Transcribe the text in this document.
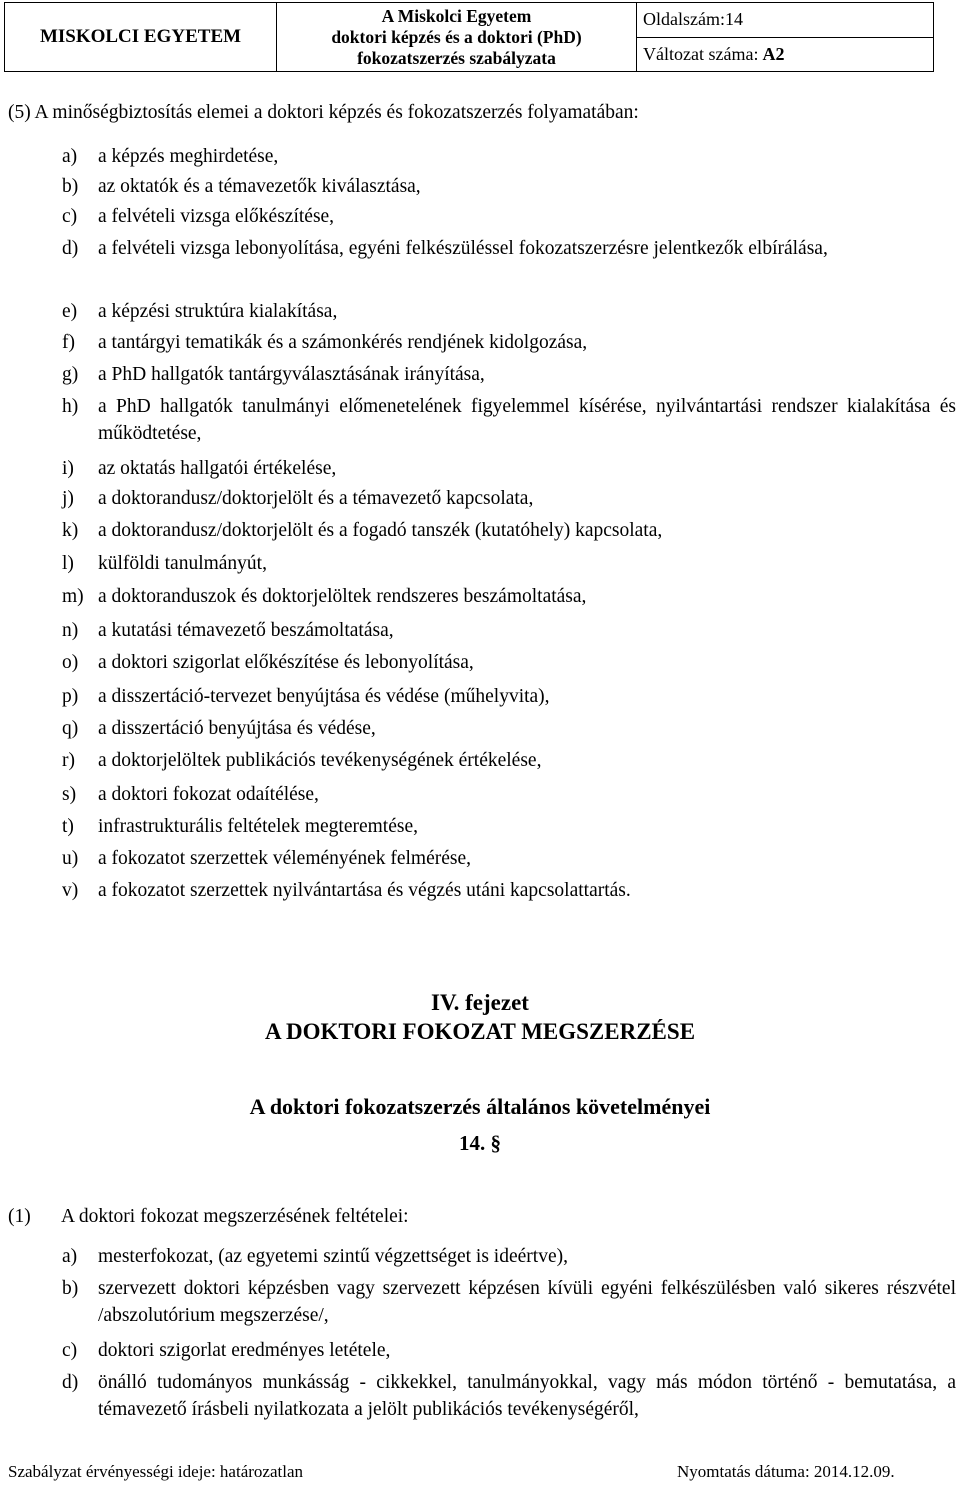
MISKOLCI EGYETEM
A Miskolci Egyetem
doktori képzés és a doktori (PhD)
fokozatszerzés szabályzata
Oldalszám:14
Változat száma: A2
(5) A minőségbiztosítás elemei a doktori képzés és fokozatszerzés folyamatában:
a) a képzés meghirdetése,
b) az oktatók és a témavezetők kiválasztása,
c) a felvételi vizsga előkészítése,
d) a felvételi vizsga lebonyolítása, egyéni felkészüléssel fokozatszerzésre jelentkezők elbírálása,
e) a képzési struktúra kialakítása,
f) a tantárgyi tematikák és a számonkérés rendjének kidolgozása,
g) a PhD hallgatók tantárgyválasztásának irányítása,
h) a PhD hallgatók tanulmányi előmenetelének figyelemmel kísérése, nyilvántartási rendszer kialakítása és működtetése,
i) az oktatás hallgatói értékelése,
j) a doktorandusz/doktorjelölt és a témavezető kapcsolata,
k) a doktorandusz/doktorjelölt és a fogadó tanszék (kutatóhely) kapcsolata,
l) külföldi tanulmányút,
m) a doktoranduszok és doktorjelöltek rendszeres beszámoltatása,
n) a kutatási témavezető beszámoltatása,
o) a doktori szigorlat előkészítése és lebonyolítása,
p) a disszertáció-tervezet benyújtása és védése (műhelyvita),
q) a disszertáció benyújtása és védése,
r) a doktorjelöltek publikációs tevékenységének értékelése,
s) a doktori fokozat odaítélése,
t) infrastrukturális feltételek megteremtése,
u) a fokozatot szerzettek véleményének felmérése,
v) a fokozatot szerzettek nyilvántartása és végzés utáni kapcsolattartás.
IV. fejezet
A DOKTORI FOKOZAT MEGSZERZÉSE
A doktori fokozatszerzés általános követelményei
14. §
(1) A doktori fokozat megszerzésének feltételei:
a) mesterfokozat, (az egyetemi szintű végzettséget is ideértve),
b) szervezett doktori képzésben vagy szervezett képzésen kívüli egyéni felkészülésben való sikeres részvétel /abszolutórium megszerzése/,
c) doktori szigorlat eredményes letétele,
d) önálló tudományos munkásság - cikkekkel, tanulmányokkal, vagy más módon történő - bemutatása, a témavezető írásbeli nyilatkozata a jelölt publikációs tevékenységéről,
Szabályzat érvényességi ideje: határozatlan	Nyomtatás dátuma: 2014.12.09.
